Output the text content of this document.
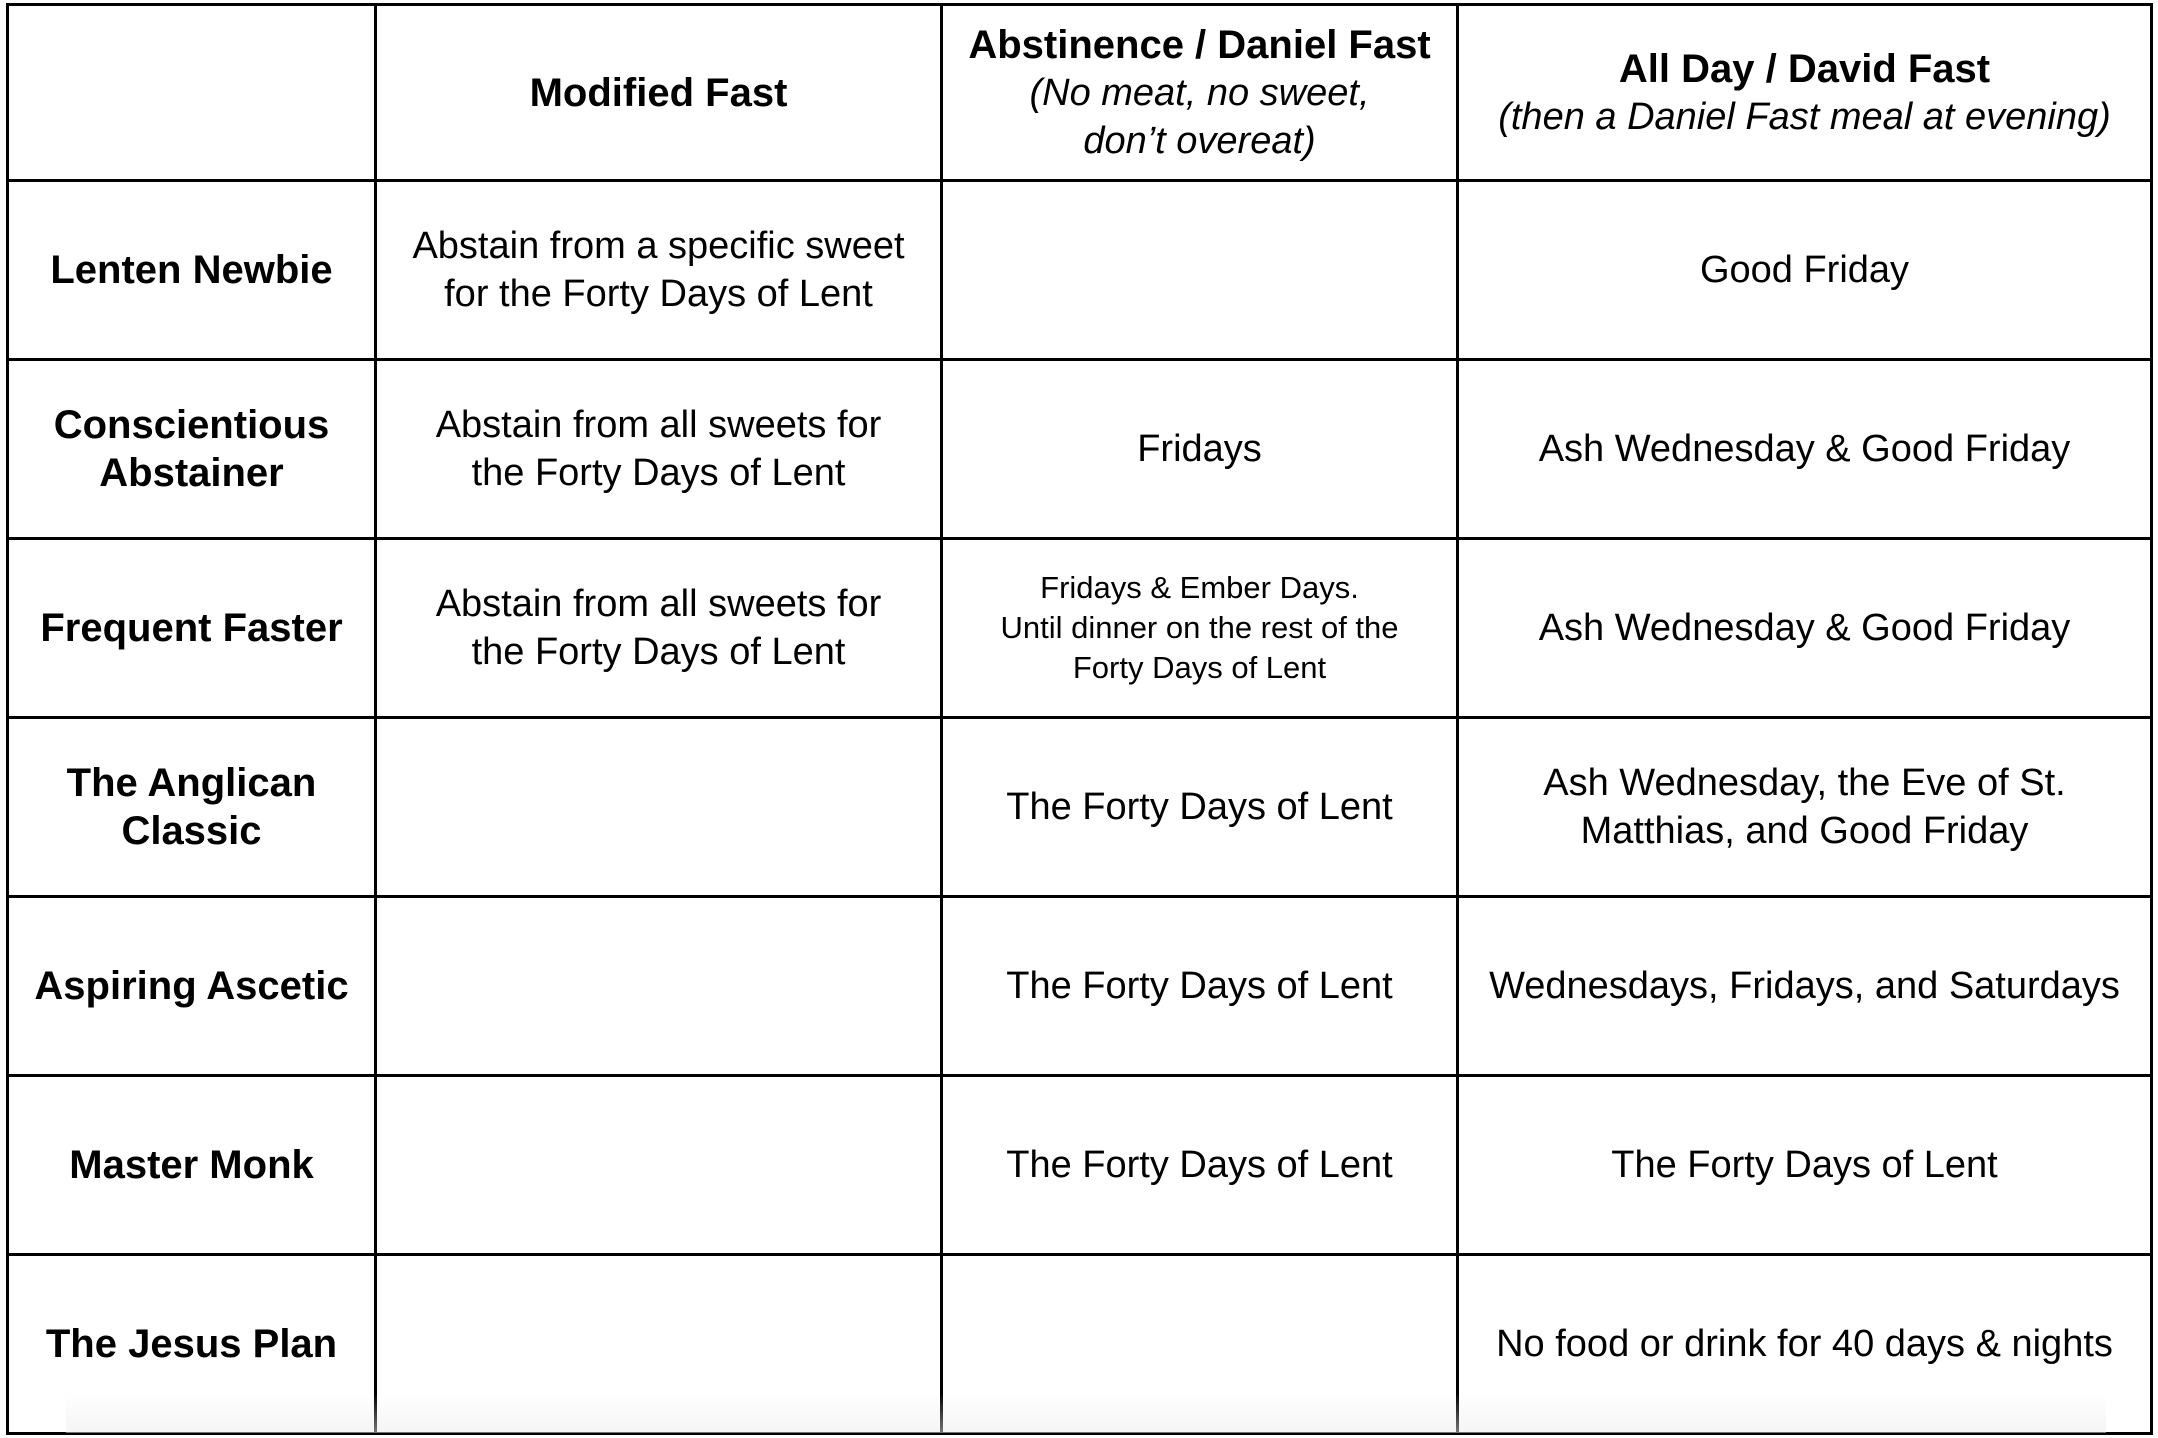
	Modified Fast	Abstinence / Daniel Fast
(No meat, no sweet,
don’t overeat)	All Day / David Fast
(then a Daniel Fast meal at evening)

Lenten Newbie	Abstain from a specific sweet
for the Forty Days of Lent		Good Friday

Conscientious
Abstainer	Abstain from all sweets for
the Forty Days of Lent	Fridays	Ash Wednesday & Good Friday

Frequent Faster	Abstain from all sweets for
the Forty Days of Lent	Fridays & Ember Days.
Until dinner on the rest of the
Forty Days of Lent	Ash Wednesday & Good Friday

The Anglican
Classic		The Forty Days of Lent	Ash Wednesday, the Eve of St.
Matthias, and Good Friday

Aspiring Ascetic		The Forty Days of Lent	Wednesdays, Fridays, and Saturdays

Master Monk		The Forty Days of Lent	The Forty Days of Lent

The Jesus Plan			No food or drink for 40 days & nights
